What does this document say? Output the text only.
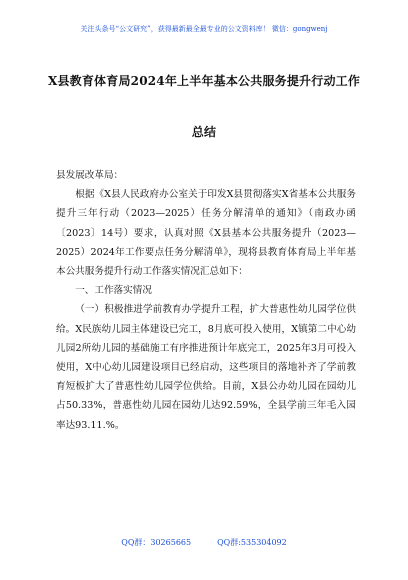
关注头条号“公文研究”，获得最新最全最专业的公文资料库！ 微信：gongwenj
X县教育体育局2024年上半年基本公共服务提升行动工作
总结

县发展改革局：

根据《X县人民政府办公室关于印发X县贯彻落实X省基本公共服务提升三年行动（2023—2025）任务分解清单的通知》（南政办函〔2023〕14号）要求，认真对照《X县基本公共服务提升（2023—2025）2024年工作要点任务分解清单》，现将县教育体育局上半年基本公共服务提升行动工作落实情况汇总如下：

一、工作落实情况

（一）积极推进学前教育办学提升工程，扩大普惠性幼儿园学位供给。X民族幼儿园主体建设已完工，8月底可投入使用，X镇第二中心幼儿园2所幼儿园的基础施工有序推进预计年底完工，2025年3月可投入使用，X中心幼儿园建设项目已经启动，这些项目的落地补齐了学前教育短板扩大了普惠性幼儿园学位供给。目前，X县公办幼儿园在园幼儿占50.33%，普惠性幼儿园在园幼儿达92.59%，全县学前三年毛入园率达93.11.%。

QQ群：30265665	QQ群:535304092
